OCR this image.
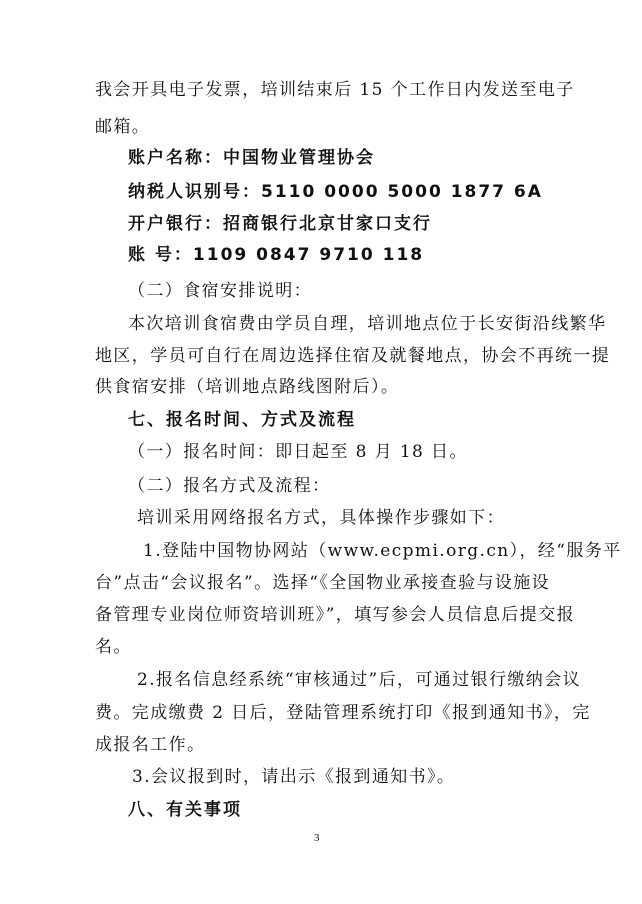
我会开具电子发票，培训结束后 15 个工作日内发送至电子
邮箱。
账户名称：中国物业管理协会
纳税人识别号：5110 0000 5000 1877 6A
开户银行：招商银行北京甘家口支行
账 号：1109 0847 9710 118
（二）食宿安排说明：
本次培训食宿费由学员自理，培训地点位于长安街沿线繁华
地区，学员可自行在周边选择住宿及就餐地点，协会不再统一提
供食宿安排（培训地点路线图附后）。
七、报名时间、方式及流程
（一）报名时间：即日起至 8 月 18 日。
（二）报名方式及流程：
培训采用网络报名方式，具体操作步骤如下：
1.登陆中国物协网站（www.ecpmi.org.cn），经“服务平
台”点击“会议报名”。选择“《全国物业承接查验与设施设
备管理专业岗位师资培训班》”，填写参会人员信息后提交报
名。
2.报名信息经系统“审核通过”后，可通过银行缴纳会议
费。完成缴费 2 日后，登陆管理系统打印《报到通知书》，完
成报名工作。
3.会议报到时，请出示《报到通知书》。
八、有关事项
3
